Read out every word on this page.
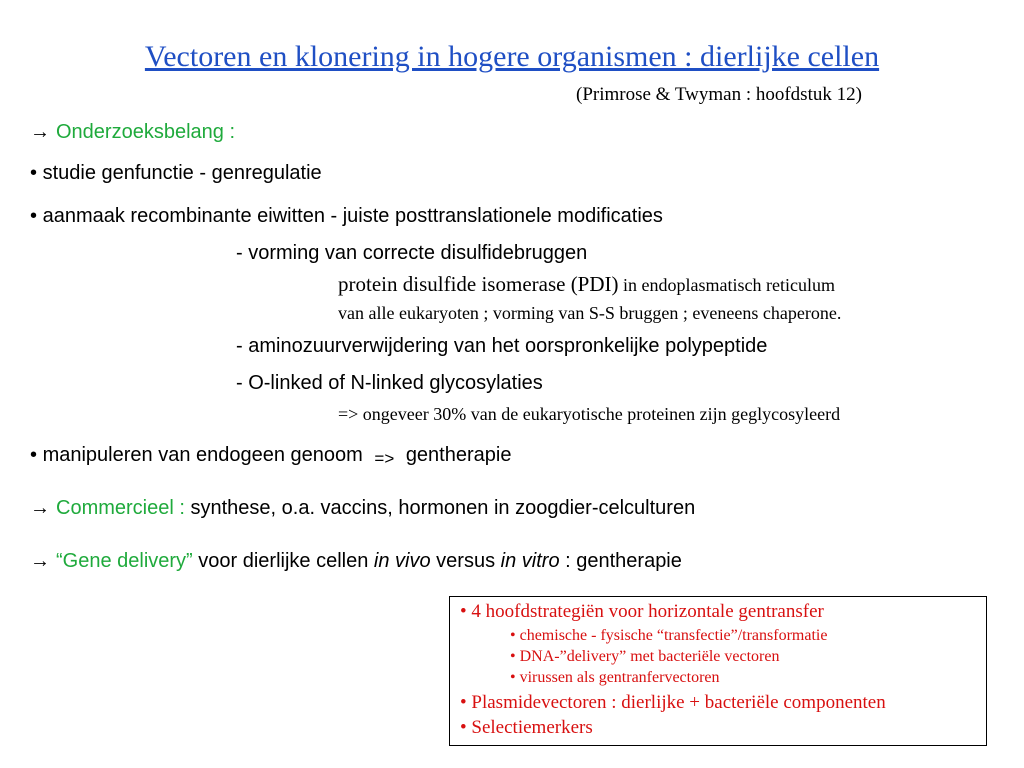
Vectoren en klonering in hogere organismen : dierlijke cellen
(Primrose & Twyman : hoofdstuk 12)
→ Onderzoeksbelang :
• studie genfunctie - genregulatie
• aanmaak recombinante eiwitten - juiste posttranslationele modificaties
- vorming van correcte disulfidebruggen
protein disulfide isomerase (PDI) in endoplasmatisch reticulum
van alle eukaryoten ; vorming van S-S bruggen ; eveneens chaperone.
- aminozuurverwijdering van het oorspronkelijke polypeptide
- O-linked of N-linked glycosylaties
=> ongeveer 30% van de eukaryotische proteinen zijn geglycosyleerd
• manipuleren van endogeen genoom => gentherapie
→ Commercieel : synthese, o.a. vaccins, hormonen in zoogdier-celculturen
→ “Gene delivery” voor dierlijke cellen in vivo versus in vitro : gentherapie
• 4 hoofdstrategiën voor horizontale gentransfer
• chemische - fysische “transfectie”/transformatie
• DNA-”delivery” met bacteriële vectoren
• virussen als gentranfervectoren
• Plasmidevectoren : dierlijke + bacteriële componenten
• Selectiemerkers
